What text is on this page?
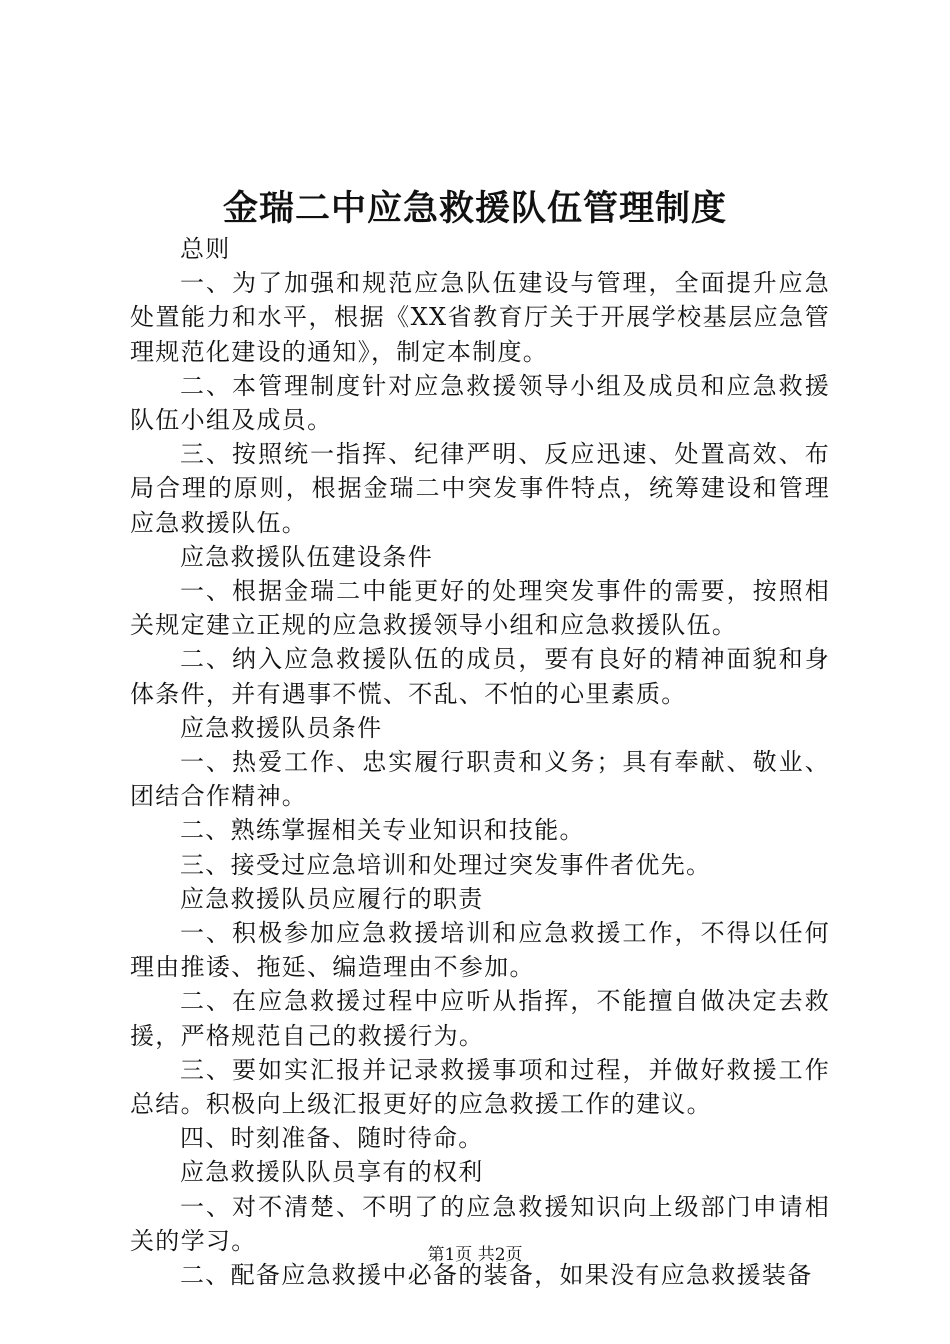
金瑞二中应急救援队伍管理制度

总则

一、为了加强和规范应急队伍建设与管理，全面提升应急处置能力和水平，根据《XX省教育厅关于开展学校基层应急管理规范化建设的通知》，制定本制度。

二、本管理制度针对应急救援领导小组及成员和应急救援队伍小组及成员。

三、按照统一指挥、纪律严明、反应迅速、处置高效、布局合理的原则，根据金瑞二中突发事件特点，统筹建设和管理应急救援队伍。

应急救援队伍建设条件

一、根据金瑞二中能更好的处理突发事件的需要，按照相关规定建立正规的应急救援领导小组和应急救援队伍。

二、纳入应急救援队伍的成员，要有良好的精神面貌和身体条件，并有遇事不慌、不乱、不怕的心里素质。

应急救援队员条件

一、热爱工作、忠实履行职责和义务；具有奉献、敬业、团结合作精神。

二、熟练掌握相关专业知识和技能。

三、接受过应急培训和处理过突发事件者优先。

应急救援队员应履行的职责

一、积极参加应急救援培训和应急救援工作，不得以任何理由推诿、拖延、编造理由不参加。

二、在应急救援过程中应听从指挥，不能擅自做决定去救援，严格规范自己的救援行为。

三、要如实汇报并记录救援事项和过程，并做好救援工作总结。积极向上级汇报更好的应急救援工作的建议。

四、时刻准备、随时待命。

应急救援队队员享有的权利

一、对不清楚、不明了的应急救援知识向上级部门申请相关的学习。

二、配备应急救援中必备的装备，如果没有应急救援装备

第1页 共2页
